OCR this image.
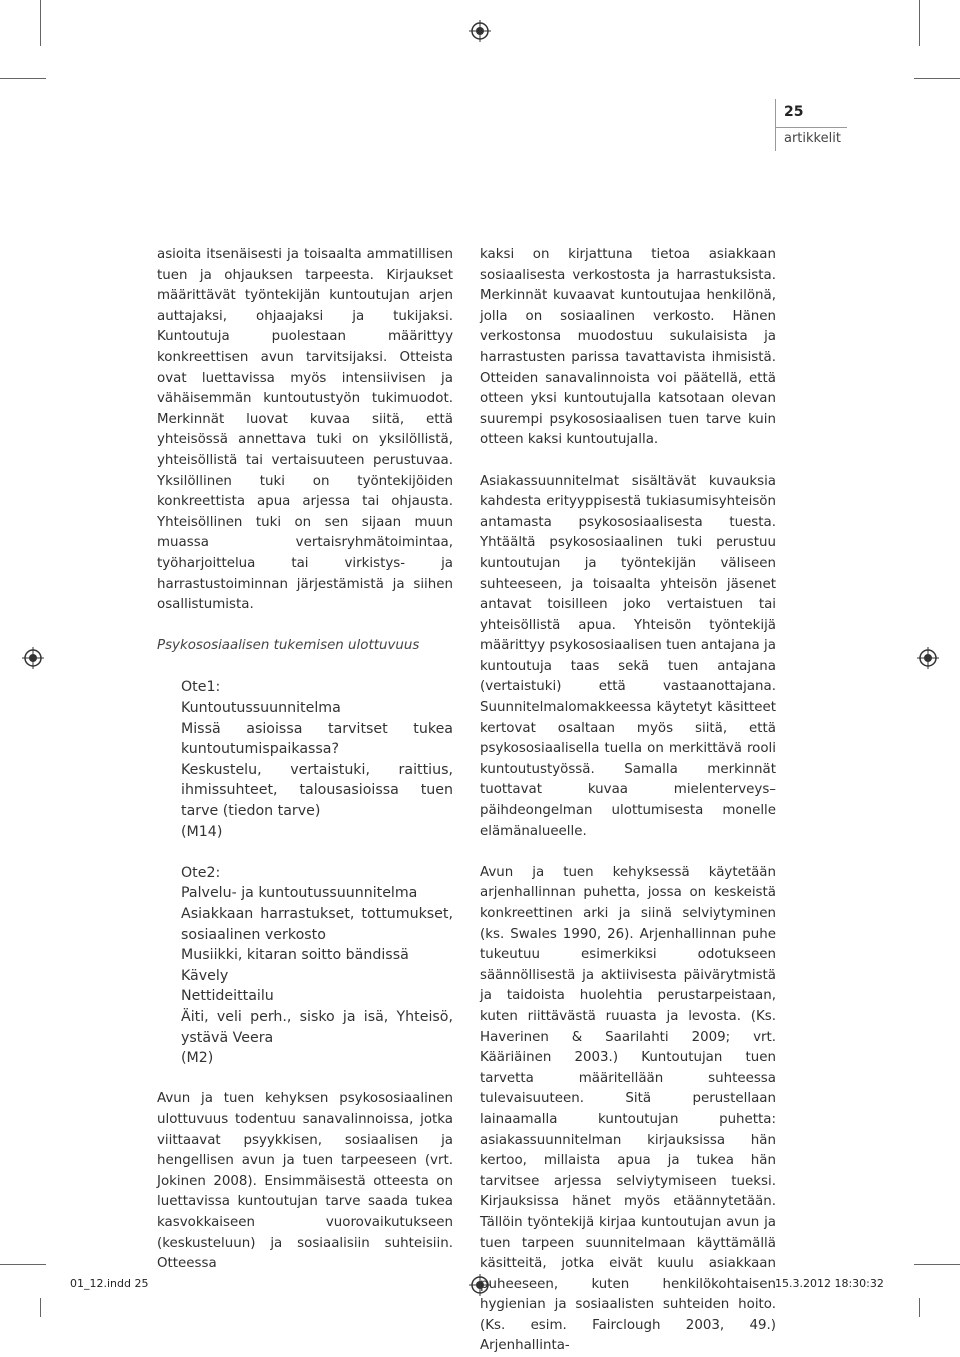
25
artikkelit

asioita itsenäisesti ja toisaalta ammatillisen tuen ja ohjauksen tarpeesta. Kirjaukset määrittävät työntekijän kuntoutujan arjen auttajaksi, ohjaajaksi ja tukijaksi. Kuntoutuja puolestaan määrittyy konkreettisen avun tarvitsijaksi. Otteista ovat luettavissa myös intensiivisen ja vähäisemmän kuntoutustyön tukimuodot. Merkinnät luovat kuvaa siitä, että yhteisössä annettava tuki on yksilöllistä, yhteisöllistä tai vertaisuuteen perustuvaa. Yksilöllinen tuki on työntekijöiden konkreettista apua arjessa tai ohjausta. Yhteisöllinen tuki on sen sijaan muun muassa vertaisryhmätoimintaa, työharjoittelua tai virkistys- ja harrastustoiminnan järjestämistä ja siihen osallistumista.

Psykososiaalisen tukemisen ulottuvuus

Ote1:
Kuntoutussuunnitelma
Missä asioissa tarvitset tukea kuntoutumispaikassa?
Keskustelu, vertaistuki, raittius, ihmissuhteet, talousasioissa tuen tarve (tiedon tarve)
(M14)
Ote2:
Palvelu- ja kuntoutussuunnitelma
Asiakkaan harrastukset, tottumukset, sosiaalinen verkosto
Musiikki, kitaran soitto bändissä
Kävely
Nettideittailu
Äiti, veli perh., sisko ja isä, Yhteisö, ystävä Veera
(M2)

Avun ja tuen kehyksen psykososiaalinen ulottuvuus todentuu sanavalinnoissa, jotka viittaavat psyykkisen, sosiaalisen ja hengellisen avun ja tuen tarpeeseen (vrt. Jokinen 2008). Ensimmäisestä otteesta on luettavissa kuntoutujan tarve saada tukea kasvokkaiseen vuorovaikutukseen (keskusteluun) ja sosiaalisiin suhteisiin. Otteessa

kaksi on kirjattuna tietoa asiakkaan sosiaalisesta verkostosta ja harrastuksista. Merkinnät kuvaavat kuntoutujaa henkilönä, jolla on sosiaalinen verkosto. Hänen verkostonsa muodostuu sukulaisista ja harrastusten parissa tavattavista ihmisistä. Otteiden sanavalinnoista voi päätellä, että otteen yksi kuntoutujalla katsotaan olevan suurempi psykososiaalisen tuen tarve kuin otteen kaksi kuntoutujalla.

Asiakassuunnitelmat sisältävät kuvauksia kahdesta erityyppisestä tukiasumisyhteisön antamasta psykososiaalisesta tuesta. Yhtäältä psykososiaalinen tuki perustuu kuntoutujan ja työntekijän väliseen suhteeseen, ja toisaalta yhteisön jäsenet antavat toisilleen joko vertaistuen tai yhteisöllistä apua. Yhteisön työntekijä määrittyy psykososiaalisen tuen antajana ja kuntoutuja taas sekä tuen antajana (vertaistuki) että vastaanottajana. Suunnitelmalomakkeessa käytetyt käsitteet kertovat osaltaan myös siitä, että psykososiaalisella tuella on merkittävä rooli kuntoutustyössä. Samalla merkinnät tuottavat kuvaa mielenterveys–päihdeongelman ulottumisesta monelle elämänalueelle.

Avun ja tuen kehyksessä käytetään arjenhallinnan puhetta, jossa on keskeistä konkreettinen arki ja siinä selviytyminen (ks. Swales 1990, 26). Arjenhallinnan puhe tukeutuu esimerkiksi odotukseen säännöllisestä ja aktiivisesta päivärytmistä ja taidoista huolehtia perustarpeistaan, kuten riittävästä ruuasta ja levosta. (Ks. Haverinen & Saarilahti 2009; vrt. Kääriäinen 2003.) Kuntoutujan tuen tarvetta määritellään suhteessa tulevaisuuteen. Sitä perustellaan lainaamalla kuntoutujan puhetta: asiakassuunnitelman kirjauksissa hän kertoo, millaista apua ja tukea hän tarvitsee arjessa selviytymiseen tueksi. Kirjauksissa hänet myös etäännytetään. Tällöin työntekijä kirjaa kuntoutujan avun ja tuen tarpeen suunnitelmaan käyttämällä käsitteitä, jotka eivät kuulu asiakkaan puheeseen, kuten henkilökohtaisen hygienian ja sosiaalisten suhteiden hoito. (Ks. esim. Fairclough 2003, 49.) Arjenhallinta-

01_12.indd 25	15.3.2012 18:30:32
